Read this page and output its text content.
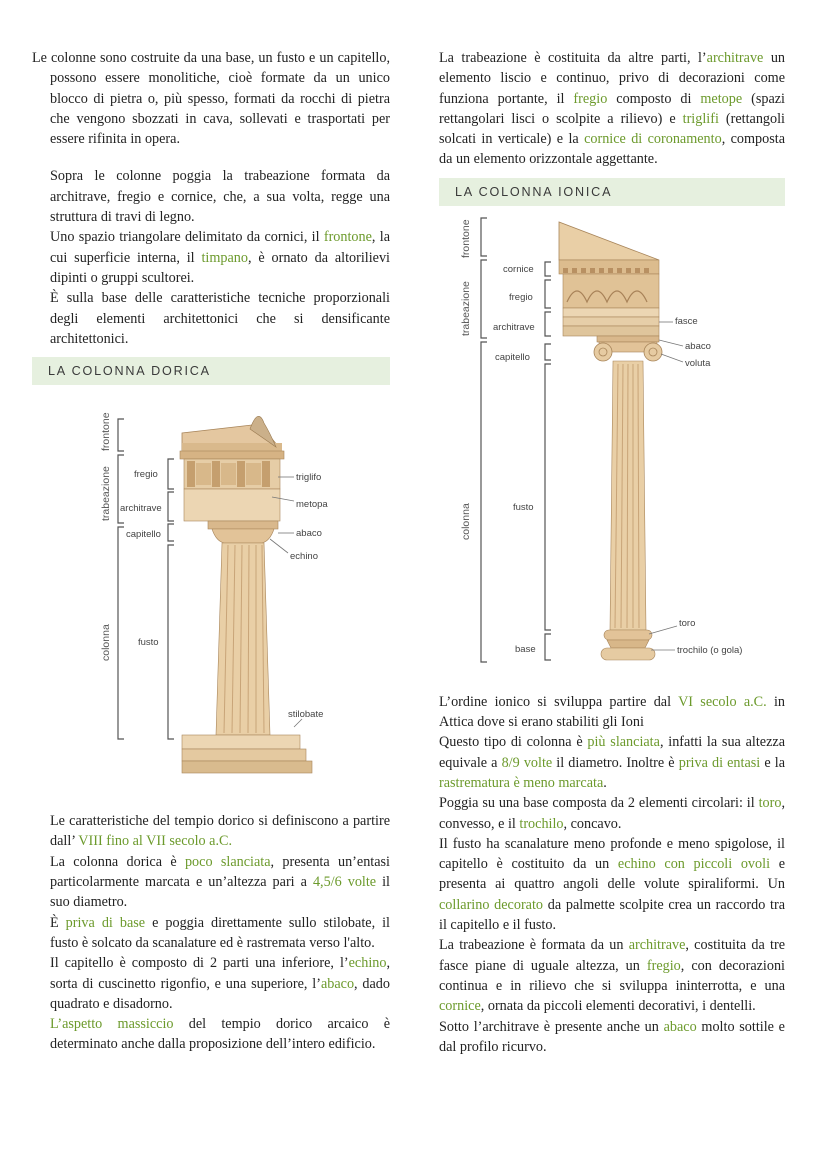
Le colonne sono costruite da una base, un fusto e un capitello, possono essere monolitiche, cioè formate da un unico blocco di pietra o, più spesso, formati da rocchi di pietra che vengono sbozzati in cava, sollevati e trasportati per essere rifinita in opera.

Sopra le colonne poggia la trabeazione formata da architrave, fregio e cornice, che, a sua volta, regge una struttura di travi di legno.

Uno spazio triangolare delimitato da cornici, il frontone, la cui superficie interna, il timpano, è ornato da altorilievi dipinti o gruppi scultorei.

È sulla base delle caratteristiche tecniche proporzionali degli elementi architettonici che si densificante architettonici.

LA COLONNA DORICA
frontone
trabeazione
colonna
fregio
architrave
capitello
fusto
triglifo
metopa
abaco
echino
stilobate

Le caratteristiche del tempio dorico si definiscono a partire dall’ VIII fino al VII secolo a.C.

La colonna dorica è poco slanciata, presenta un’entasi particolarmente marcata e un’altezza pari a 4,5/6 volte il suo diametro.

È priva di base e poggia direttamente sullo stilobate, il fusto è solcato da scanalature ed è rastremata verso l'alto.

Il capitello è composto di 2 parti una inferiore, l’echino, sorta di cuscinetto rigonfio, e una superiore, l’abaco, dado quadrato e disadorno.

L’aspetto massiccio del tempio dorico arcaico è determinato anche dalla proposizione dell’intero edificio.

La trabeazione è costituita da altre parti, l’architrave un elemento liscio e continuo, privo di decorazioni come funziona portante, il fregio composto di metope (spazi rettangolari lisci o scolpite a rilievo) e triglifi (rettangoli solcati in verticale) e la cornice di coronamento, composta da un elemento orizzontale aggettante.

LA COLONNA IONICA
frontone
trabeazione
colonna
cornice
fregio
architrave
capitello
fusto
base
fasce
abaco
voluta
toro
trochilo (o gola)

L’ordine ionico si sviluppa partire dal VI secolo a.C. in Attica dove si erano stabiliti gli Ioni

Questo tipo di colonna è più slanciata, infatti la sua altezza equivale a 8/9 volte il diametro. Inoltre è priva di entasi e la rastrematura è meno marcata.

Poggia su una base composta da 2 elementi circolari: il toro, convesso, e il trochilo, concavo.

Il fusto ha scanalature meno profonde e meno spigolose, il capitello è costituito da un echino con piccoli ovoli e presenta ai quattro angoli delle volute spiraliformi. Un collarino decorato da palmette scolpite crea un raccordo tra il capitello e il fusto.

La trabeazione è formata da un architrave, costituita da tre fasce piane di uguale altezza, un fregio, con decorazioni continua e in rilievo che si sviluppa ininterrotta, e una cornice, ornata da piccoli elementi decorativi, i dentelli.

Sotto l’architrave è presente anche un abaco molto sottile e dal profilo ricurvo.
